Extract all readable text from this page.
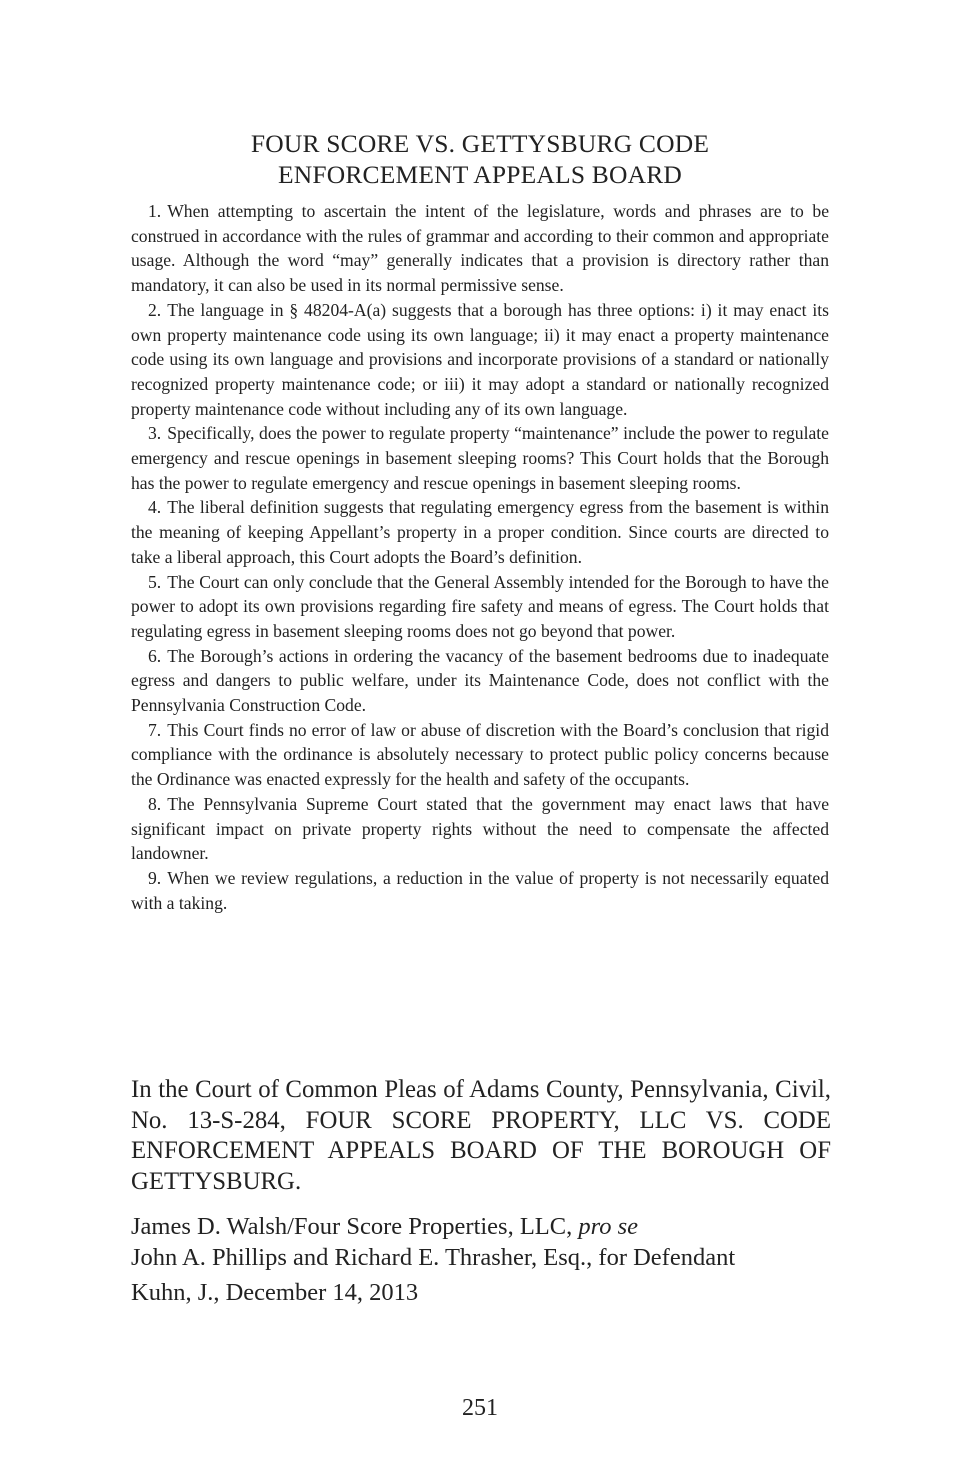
FOUR SCORE VS. GETTYSBURG CODE
ENFORCEMENT APPEALS BOARD

1. When attempting to ascertain the intent of the legislature, words and phrases are to be construed in accordance with the rules of grammar and according to their common and appropriate usage. Although the word “may” generally indicates that a provision is directory rather than mandatory, it can also be used in its normal permissive sense.

2. The language in § 48204-A(a) suggests that a borough has three options: i) it may enact its own property maintenance code using its own language; ii) it may enact a property maintenance code using its own language and provisions and incorporate provisions of a standard or nationally recognized property maintenance code; or iii) it may adopt a standard or nationally recognized property maintenance code without including any of its own language.

3. Specifically, does the power to regulate property “maintenance” include the power to regulate emergency and rescue openings in basement sleeping rooms? This Court holds that the Borough has the power to regulate emergency and rescue openings in basement sleeping rooms.

4. The liberal definition suggests that regulating emergency egress from the basement is within the meaning of keeping Appellant’s property in a proper condition. Since courts are directed to take a liberal approach, this Court adopts the Board’s definition.

5. The Court can only conclude that the General Assembly intended for the Borough to have the power to adopt its own provisions regarding fire safety and means of egress. The Court holds that regulating egress in basement sleeping rooms does not go beyond that power.

6. The Borough’s actions in ordering the vacancy of the basement bedrooms due to inadequate egress and dangers to public welfare, under its Maintenance Code, does not conflict with the Pennsylvania Construction Code.

7. This Court finds no error of law or abuse of discretion with the Board’s conclusion that rigid compliance with the ordinance is absolutely necessary to protect public policy concerns because the Ordinance was enacted expressly for the health and safety of the occupants.

8. The Pennsylvania Supreme Court stated that the government may enact laws that have significant impact on private property rights without the need to compensate the affected landowner.

9. When we review regulations, a reduction in the value of property is not necessarily equated with a taking.

In the Court of Common Pleas of Adams County, Pennsylvania, Civil, No. 13-S-284, FOUR SCORE PROPERTY, LLC VS. CODE ENFORCEMENT APPEALS BOARD OF THE BOROUGH OF GETTYSBURG.
James D. Walsh/Four Score Properties, LLC, pro se
John A. Phillips and Richard E. Thrasher, Esq., for Defendant
Kuhn, J., December 14, 2013
251
